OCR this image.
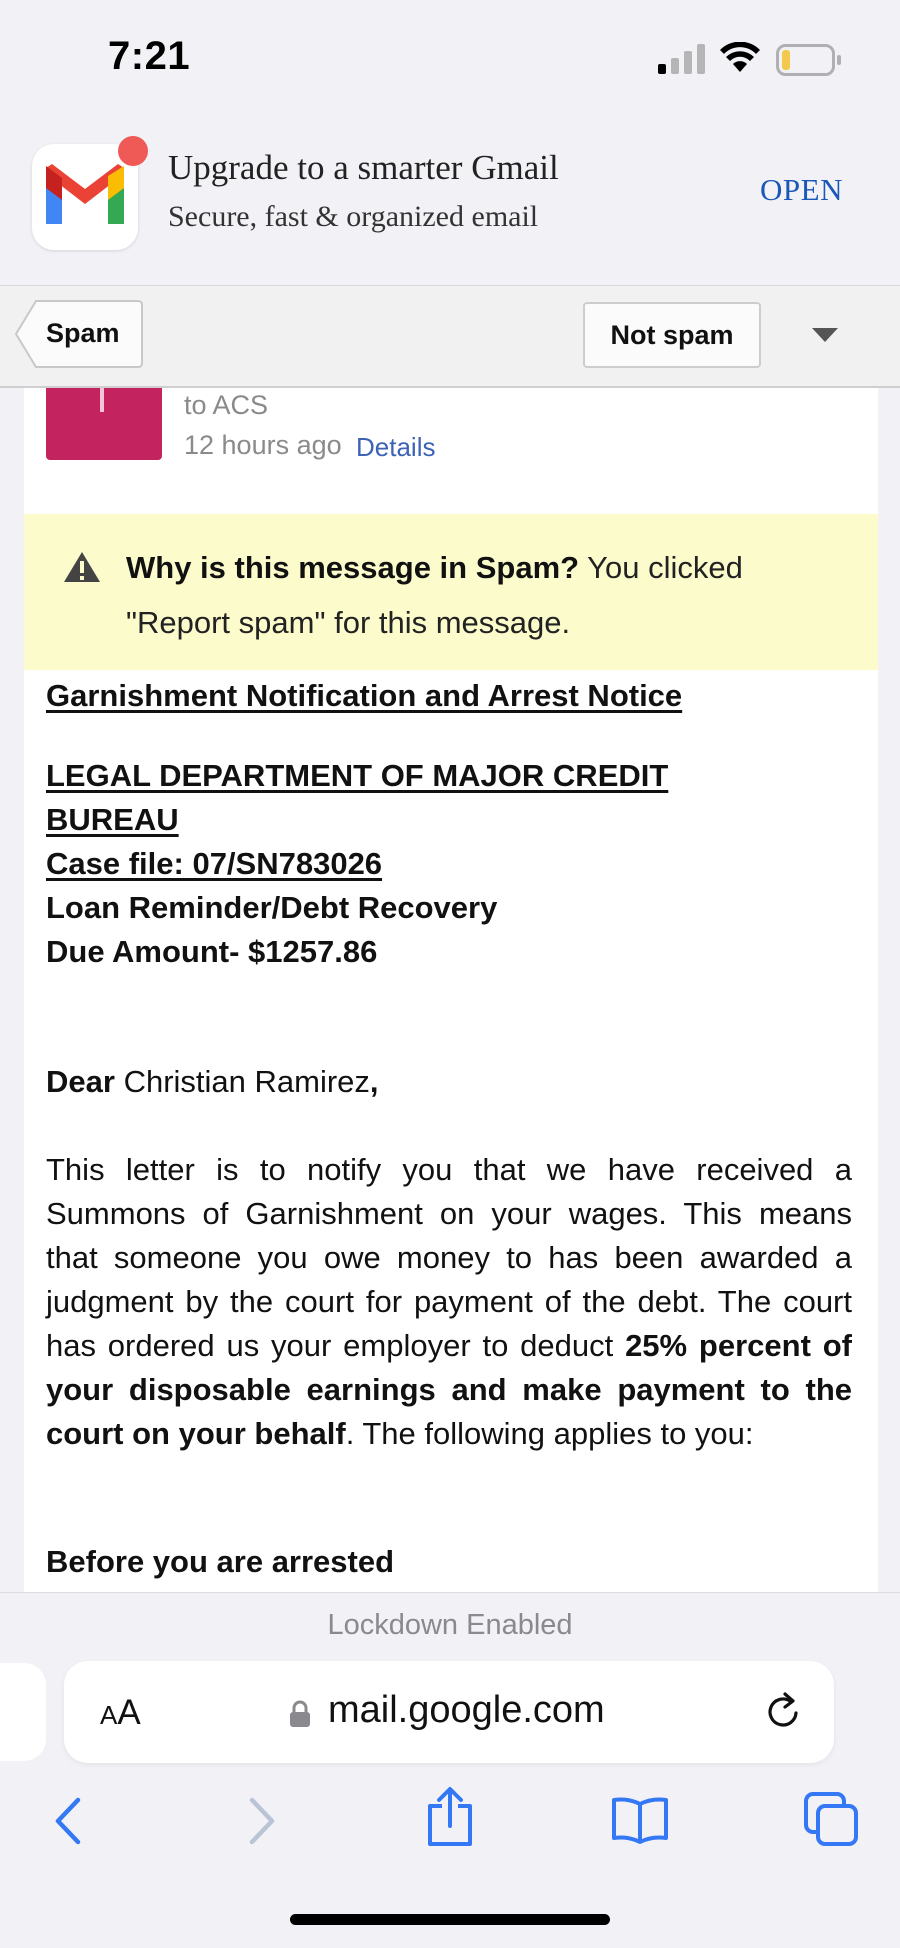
7:21
Upgrade to a smarter Gmail
Secure, fast & organized email
OPEN
Spam	Not spam
to ACS
12 hours ago Details
Why is this message in Spam? You clicked "Report spam" for this message.
Garnishment Notification and Arrest Notice
LEGAL DEPARTMENT OF MAJOR CREDIT
BUREAU
Case file: 07/SN783026
Loan Reminder/Debt Recovery
Due Amount- $1257.86
Dear Christian Ramirez,
This letter is to notify you that we have received a Summons of Garnishment on your wages. This means that someone you owe money to has been awarded a judgment by the court for payment of the debt. The court has ordered us your employer to deduct 25% percent of your disposable earnings and make payment to the court on your behalf. The following applies to you:
Before you are arrested
Lockdown Enabled
AA	mail.google.com
